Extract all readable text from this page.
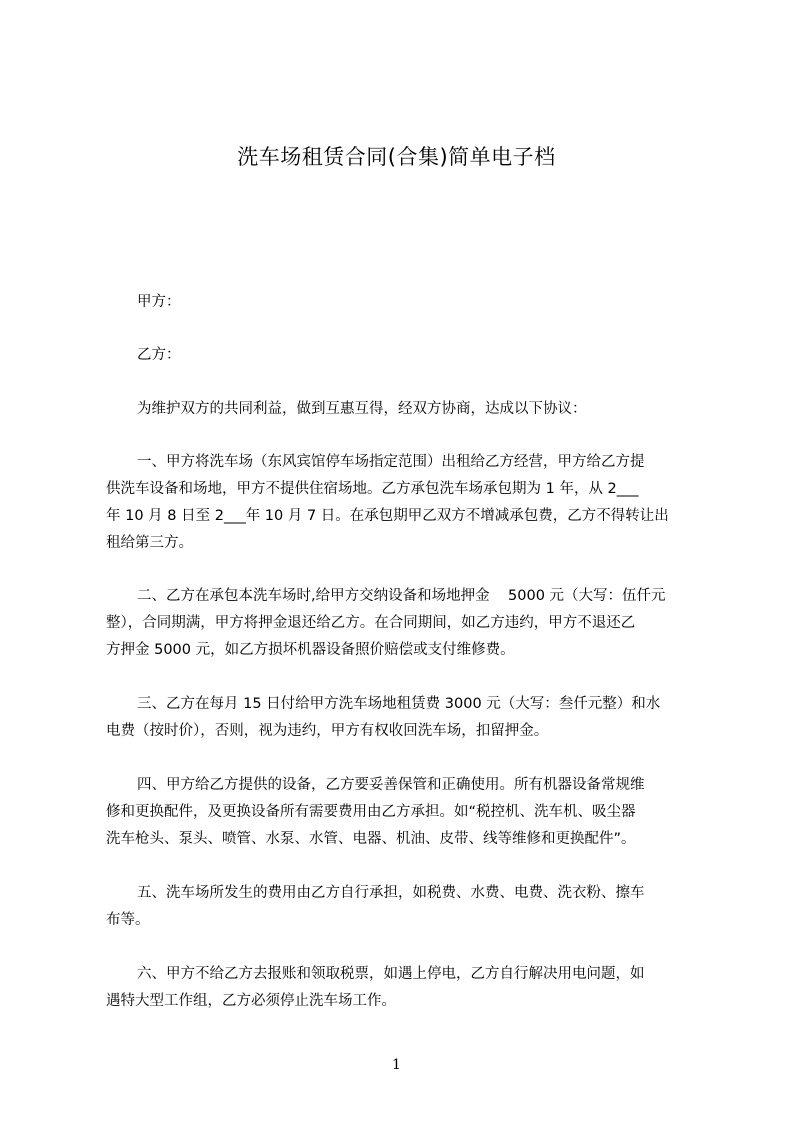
洗车场租赁合同(合集)简单电子档

甲方：

乙方：

为维护双方的共同利益，做到互惠互得，经双方协商，达成以下协议：

一、甲方将洗车场（东风宾馆停车场指定范围）出租给乙方经营，甲方给乙方提

供洗车设备和场地，甲方不提供住宿场地。乙方承包洗车场承包期为 1 年，从 2___

年 10 月 8 日至 2___年 10 月 7 日。在承包期甲乙双方不增减承包费，乙方不得转让出

租给第三方。

二、乙方在承包本洗车场时,给甲方交纳设备和场地押金    5000 元（大写：伍仟元

整），合同期满，甲方将押金退还给乙方。在合同期间，如乙方违约，甲方不退还乙

方押金 5000 元，如乙方损坏机器设备照价赔偿或支付维修费。

三、乙方在每月 15 日付给甲方洗车场地租赁费 3000 元（大写：叁仟元整）和水

电费（按时价），否则，视为违约，甲方有权收回洗车场，扣留押金。

四、甲方给乙方提供的设备，乙方要妥善保管和正确使用。所有机器设备常规维

修和更换配件，及更换设备所有需要费用由乙方承担。如“税控机、洗车机、吸尘器

洗车枪头、泵头、喷管、水泵、水管、电器、机油、皮带、线等维修和更换配件”。

五、洗车场所发生的费用由乙方自行承担，如税费、水费、电费、洗衣粉、擦车

布等。

六、甲方不给乙方去报账和领取税票，如遇上停电，乙方自行解决用电问题，如

遇特大型工作组，乙方必须停止洗车场工作。

1
